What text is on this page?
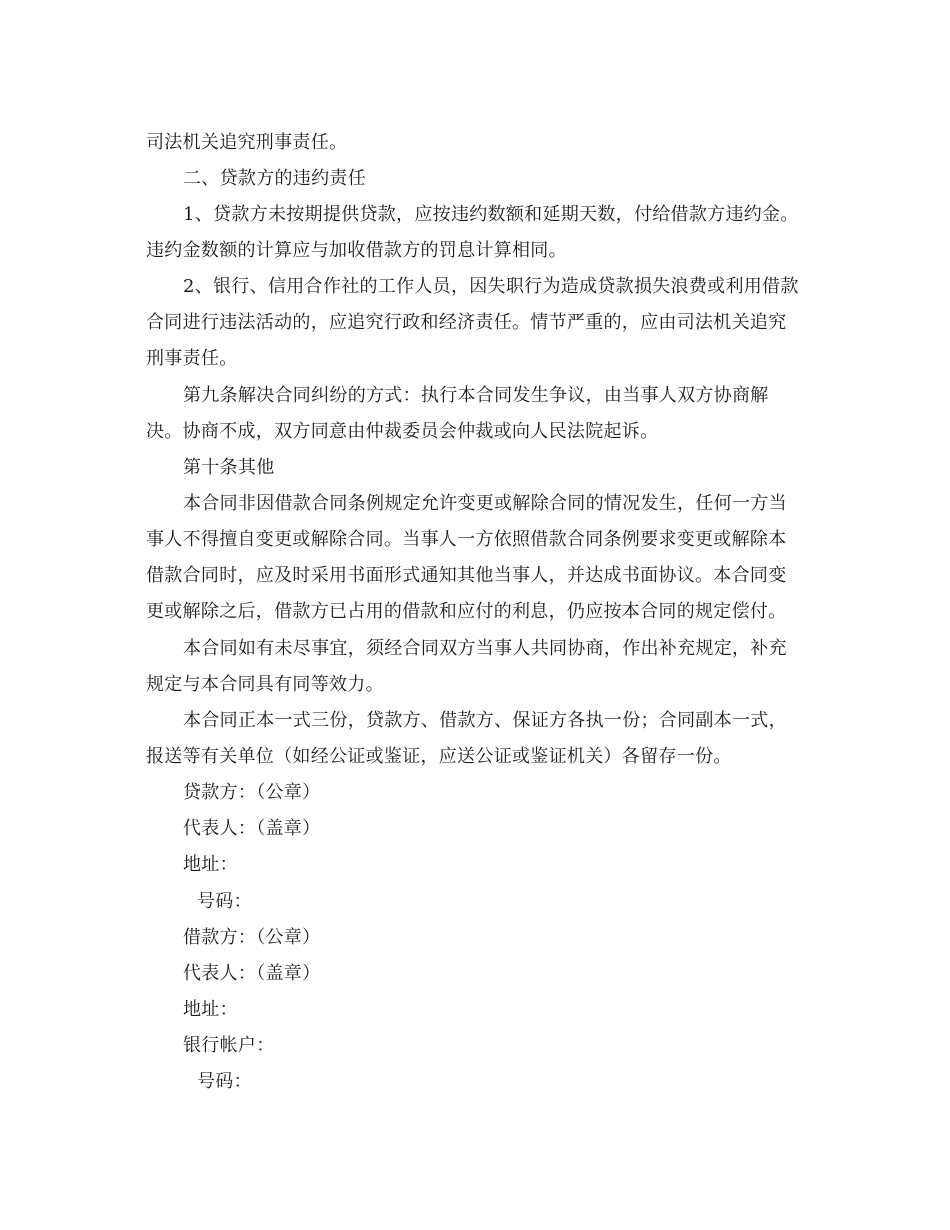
司法机关追究刑事责任。
二、贷款方的违约责任
1、贷款方未按期提供贷款，应按违约数额和延期天数，付给借款方违约金。
违约金数额的计算应与加收借款方的罚息计算相同。
2、银行、信用合作社的工作人员，因失职行为造成贷款损失浪费或利用借款
合同进行违法活动的，应追究行政和经济责任。情节严重的，应由司法机关追究
刑事责任。
第九条解决合同纠纷的方式：执行本合同发生争议，由当事人双方协商解
决。协商不成，双方同意由仲裁委员会仲裁或向人民法院起诉。
第十条其他
本合同非因借款合同条例规定允许变更或解除合同的情况发生，任何一方当
事人不得擅自变更或解除合同。当事人一方依照借款合同条例要求变更或解除本
借款合同时，应及时采用书面形式通知其他当事人，并达成书面协议。本合同变
更或解除之后，借款方已占用的借款和应付的利息，仍应按本合同的规定偿付。
本合同如有未尽事宜，须经合同双方当事人共同协商，作出补充规定，补充
规定与本合同具有同等效力。
本合同正本一式三份，贷款方、借款方、保证方各执一份；合同副本一式，
报送等有关单位（如经公证或鉴证，应送公证或鉴证机关）各留存一份。
贷款方：（公章）
代表人：（盖章）
地址：
号码：
借款方：（公章）
代表人：（盖章）
地址：
银行帐户：
号码：
